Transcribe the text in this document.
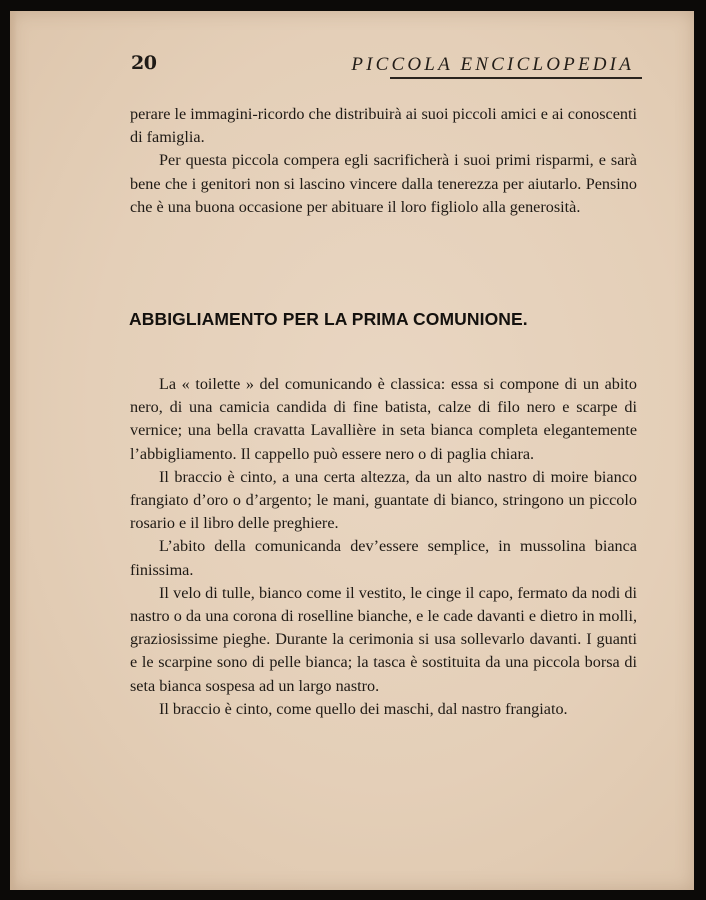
20	PICCOLA ENCICLOPEDIA

perare le immagini-ricordo che distribuirà ai suoi piccoli amici e ai conoscenti di famiglia.

Per questa piccola compera egli sacrificherà i suoi primi risparmi, e sarà bene che i genitori non si lascino vincere dalla tenerezza per aiutarlo. Pensino che è una buona occasione per abituare il loro figliolo alla generosità.

ABBIGLIAMENTO PER LA PRIMA COMUNIONE.

La « toilette » del comunicando è classica: essa si compone di un abito nero, di una camicia candida di fine batista, calze di filo nero e scarpe di vernice; una bella cravatta Lavallière in seta bianca completa elegantemente l’abbigliamento. Il cappello può essere nero o di paglia chiara.

Il braccio è cinto, a una certa altezza, da un alto nastro di moire bianco frangiato d’oro o d’argento; le mani, guantate di bianco, stringono un piccolo rosario e il libro delle preghiere.

L’abito della comunicanda dev’essere semplice, in mussolina bianca finissima.

Il velo di tulle, bianco come il vestito, le cinge il capo, fermato da nodi di nastro o da una corona di roselline bianche, e le cade davanti e dietro in molli, graziosissime pieghe. Durante la cerimonia si usa sollevarlo davanti. I guanti e le scarpine sono di pelle bianca; la tasca è sostituita da una piccola borsa di seta bianca sospesa ad un largo nastro.

Il braccio è cinto, come quello dei maschi, dal nastro frangiato.
